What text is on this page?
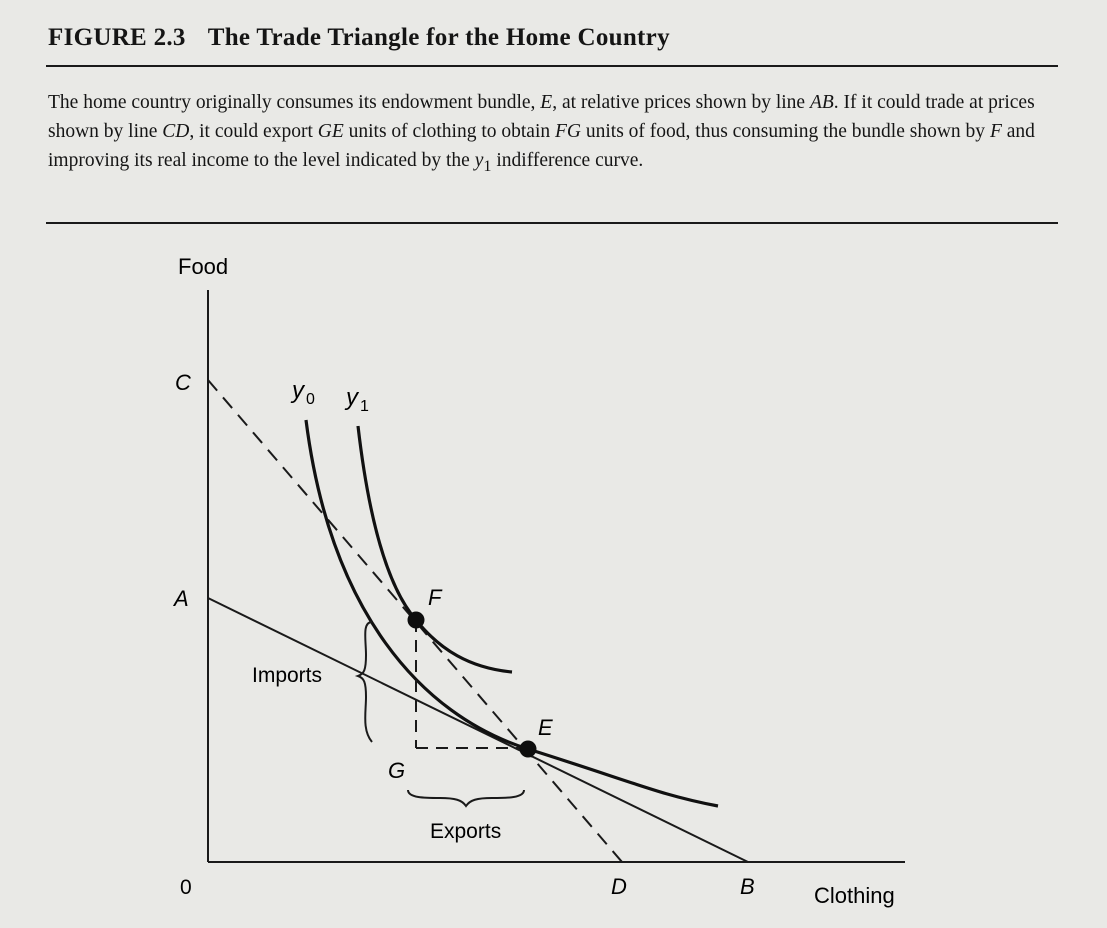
FIGURE 2.3 The Trade Triangle for the Home Country
The home country originally consumes its endowment bundle, E, at relative prices shown by line AB. If it could trade at prices shown by line CD, it could export GE units of clothing to obtain FG units of food, thus consuming the bundle shown by F and improving its real income to the level indicated by the $y_1$ indifference curve.
Food
Clothing
0
C
A	F
E
G
D	B
y $_0$ y $_1$
Imports
Exports
